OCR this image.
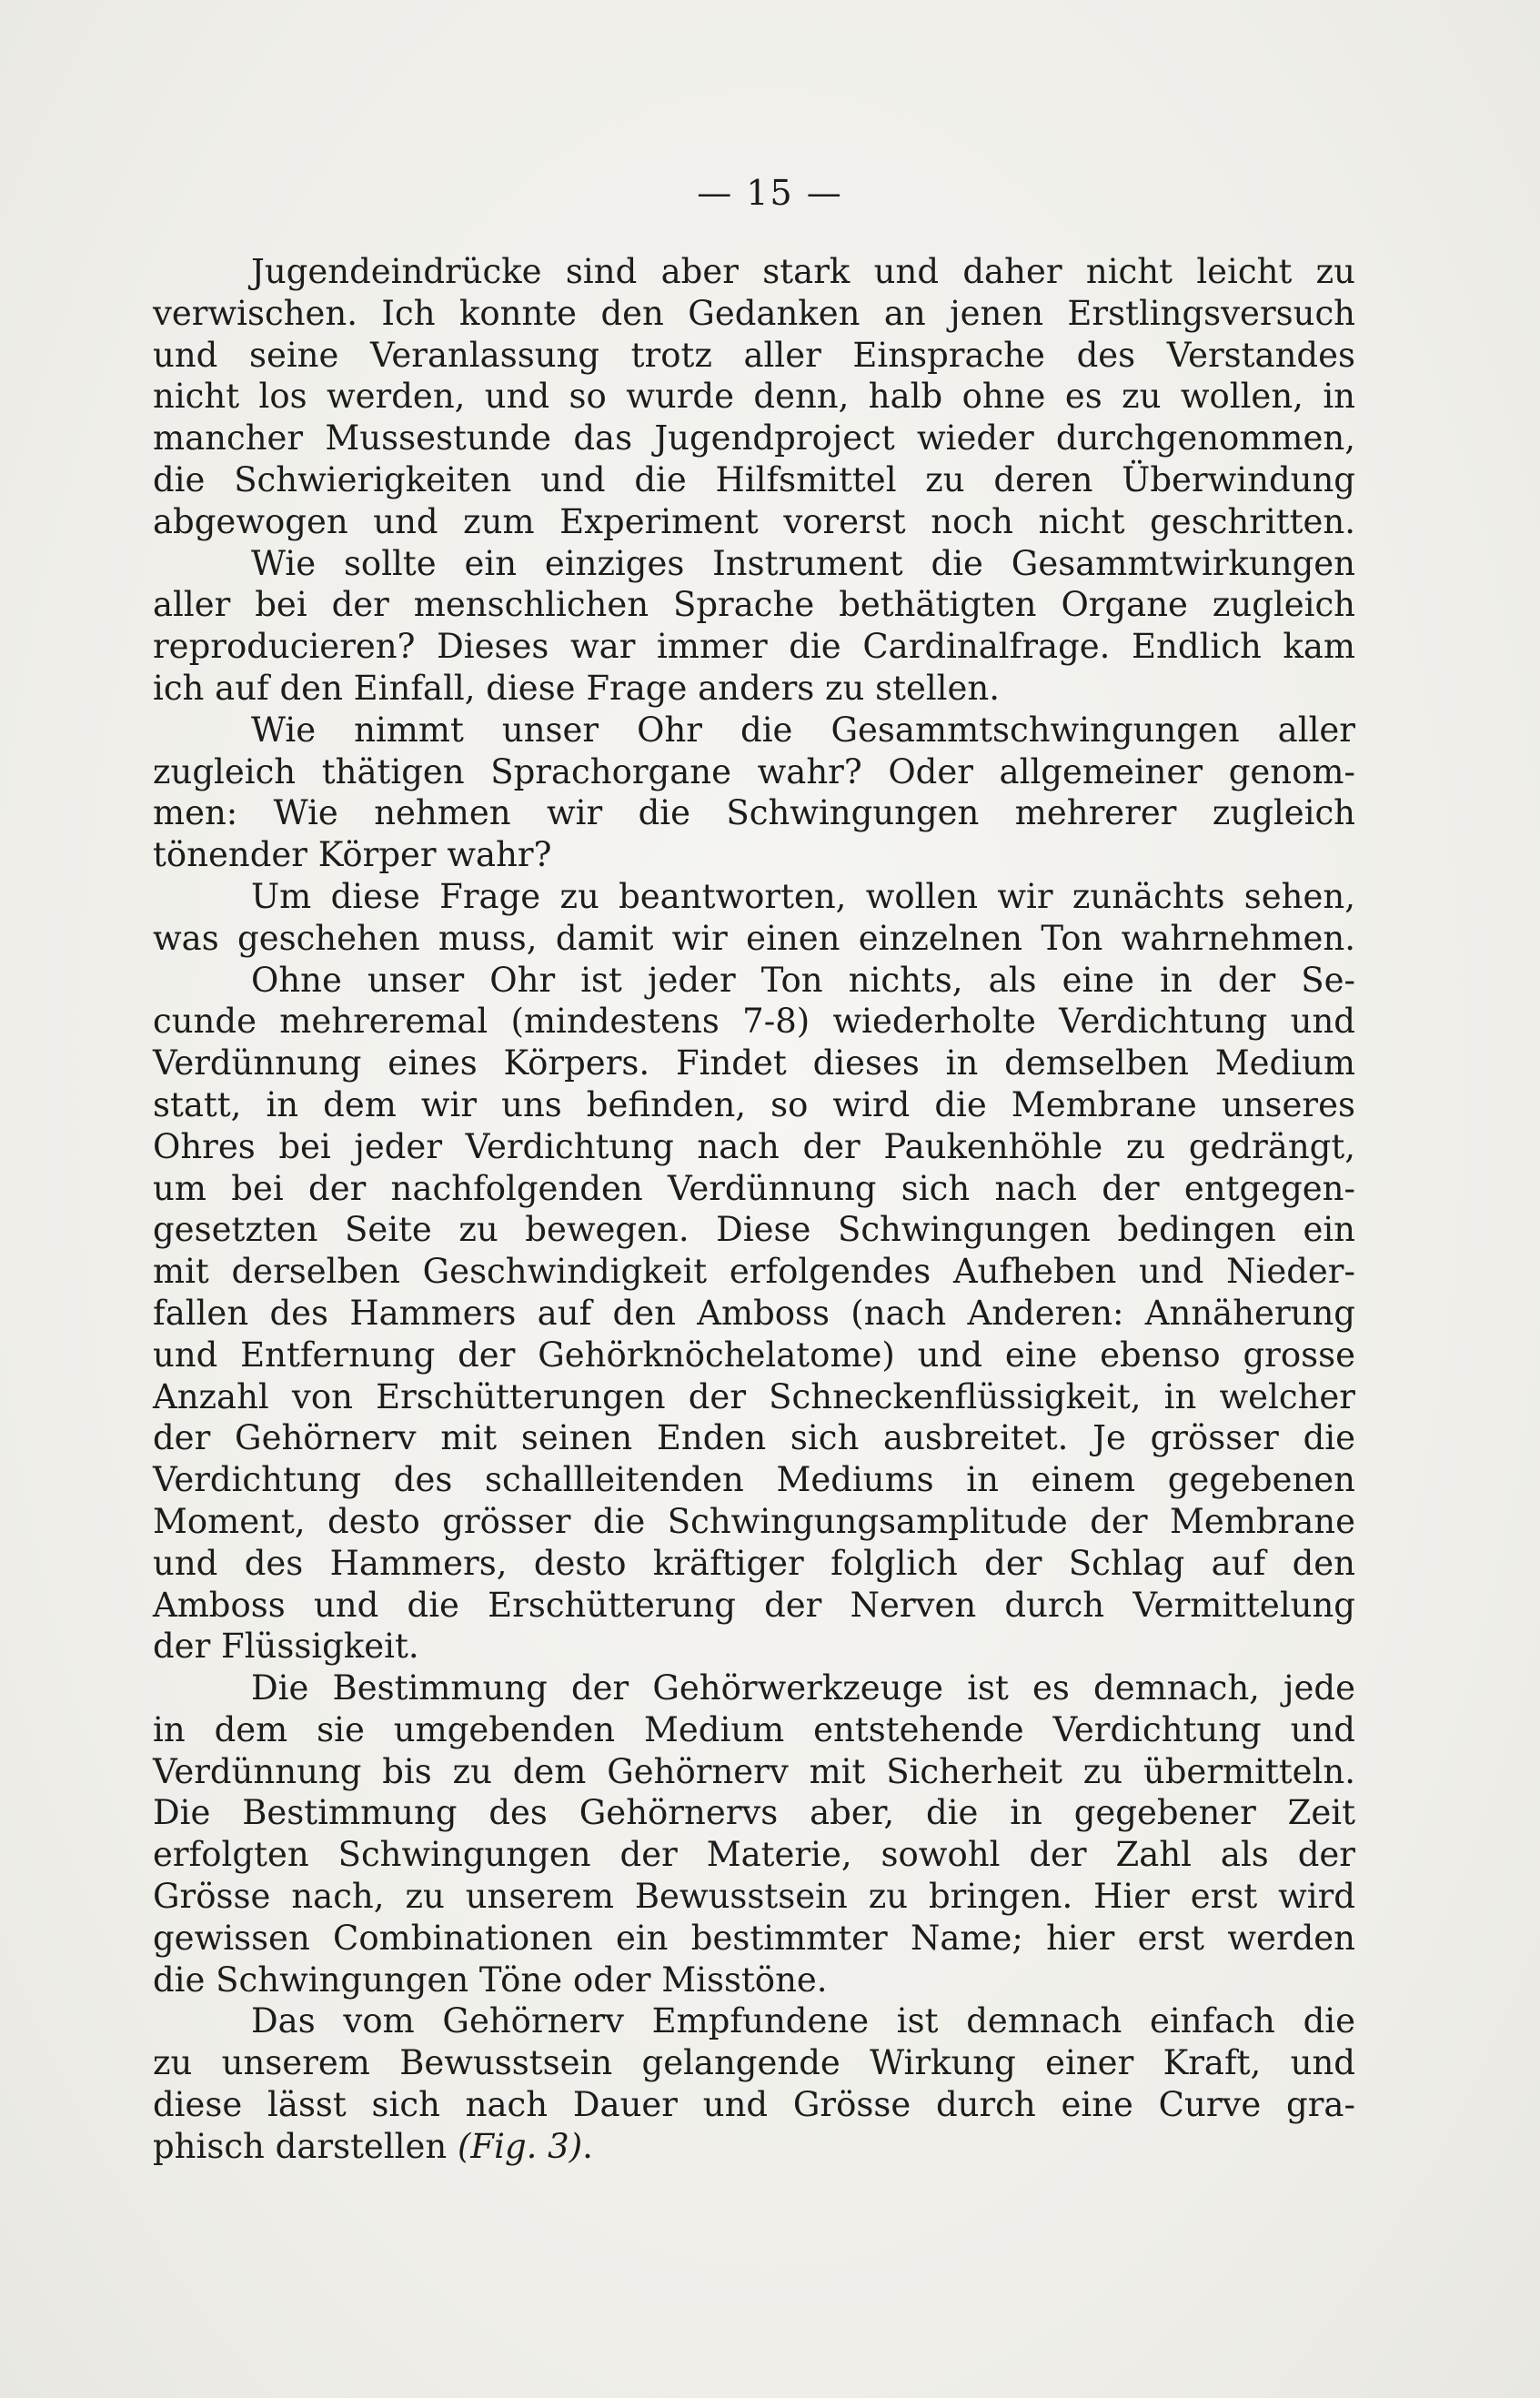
— 15 —
Jugendeindrücke sind aber stark und daher nicht leicht zu
verwischen. Ich konnte den Gedanken an jenen Erstlingsversuch
und seine Veranlassung trotz aller Einsprache des Verstandes
nicht los werden, und so wurde denn, halb ohne es zu wollen, in
mancher Mussestunde das Jugendproject wieder durchgenommen,
die Schwierigkeiten und die Hilfsmittel zu deren Überwindung
abgewogen und zum Experiment vorerst noch nicht geschritten.
Wie sollte ein einziges Instrument die Gesammtwirkungen
aller bei der menschlichen Sprache bethätigten Organe zugleich
reproducieren? Dieses war immer die Cardinalfrage. Endlich kam
ich auf den Einfall, diese Frage anders zu stellen.
Wie nimmt unser Ohr die Gesammtschwingungen aller
zugleich thätigen Sprachorgane wahr? Oder allgemeiner genom-
men: Wie nehmen wir die Schwingungen mehrerer zugleich
tönender Körper wahr?
Um diese Frage zu beantworten, wollen wir zunächts sehen,
was geschehen muss, damit wir einen einzelnen Ton wahrnehmen.
Ohne unser Ohr ist jeder Ton nichts, als eine in der Se-
cunde mehreremal (mindestens 7-8) wiederholte Verdichtung und
Verdünnung eines Körpers. Findet dieses in demselben Medium
statt, in dem wir uns befinden, so wird die Membrane unseres
Ohres bei jeder Verdichtung nach der Paukenhöhle zu gedrängt,
um bei der nachfolgenden Verdünnung sich nach der entgegen-
gesetzten Seite zu bewegen. Diese Schwingungen bedingen ein
mit derselben Geschwindigkeit erfolgendes Aufheben und Nieder-
fallen des Hammers auf den Amboss (nach Anderen: Annäherung
und Entfernung der Gehörknöchelatome) und eine ebenso grosse
Anzahl von Erschütterungen der Schneckenflüssigkeit, in welcher
der Gehörnerv mit seinen Enden sich ausbreitet. Je grösser die
Verdichtung des schallleitenden Mediums in einem gegebenen
Moment, desto grösser die Schwingungsamplitude der Membrane
und des Hammers, desto kräftiger folglich der Schlag auf den
Amboss und die Erschütterung der Nerven durch Vermittelung
der Flüssigkeit.
Die Bestimmung der Gehörwerkzeuge ist es demnach, jede
in dem sie umgebenden Medium entstehende Verdichtung und
Verdünnung bis zu dem Gehörnerv mit Sicherheit zu übermitteln.
Die Bestimmung des Gehörnervs aber, die in gegebener Zeit
erfolgten Schwingungen der Materie, sowohl der Zahl als der
Grösse nach, zu unserem Bewusstsein zu bringen. Hier erst wird
gewissen Combinationen ein bestimmter Name; hier erst werden
die Schwingungen Töne oder Misstöne.
Das vom Gehörnerv Empfundene ist demnach einfach die
zu unserem Bewusstsein gelangende Wirkung einer Kraft, und
diese lässt sich nach Dauer und Grösse durch eine Curve gra-
phisch darstellen (Fig. 3).
